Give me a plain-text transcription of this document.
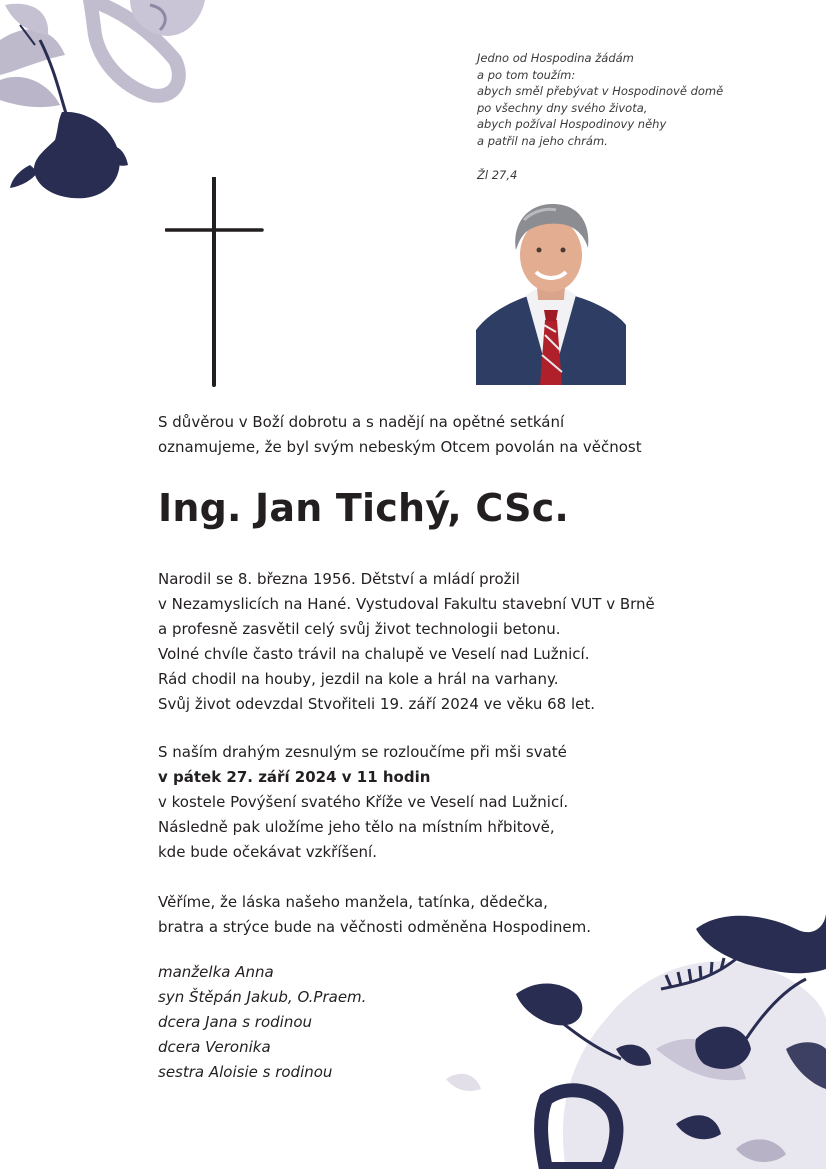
Jedno od Hospodina žádám
a po tom toužím:
abych směl přebývat v Hospodinově domě
po všechny dny svého života,
abych požíval Hospodinovy něhy
a patřil na jeho chrám.
Žl 27,4
S důvěrou v Boží dobrotu a s nadějí na opětné setkání
oznamujeme, že byl svým nebeským Otcem povolán na věčnost
Ing. Jan Tichý, CSc.
Narodil se 8. března 1956. Dětství a mládí prožil
v Nezamyslicích na Hané. Vystudoval Fakultu stavební VUT v Brně
a profesně zasvětil celý svůj život technologii betonu.
Volné chvíle často trávil na chalupě ve Veselí nad Lužnicí.
Rád chodil na houby, jezdil na kole a hrál na varhany.
Svůj život odevzdal Stvořiteli 19. září 2024 ve věku 68 let.
S naším drahým zesnulým se rozloučíme při mši svaté
v pátek 27. září 2024 v 11 hodin
v kostele Povýšení svatého Kříže ve Veselí nad Lužnicí.
Následně pak uložíme jeho tělo na místním hřbitově,
kde bude očekávat vzkříšení.
Věříme, že láska našeho manžela, tatínka, dědečka,
bratra a strýce bude na věčnosti odměněna Hospodinem.
manželka Anna
syn Štěpán Jakub, O.Praem.
dcera Jana s rodinou
dcera Veronika
sestra Aloisie s rodinou
